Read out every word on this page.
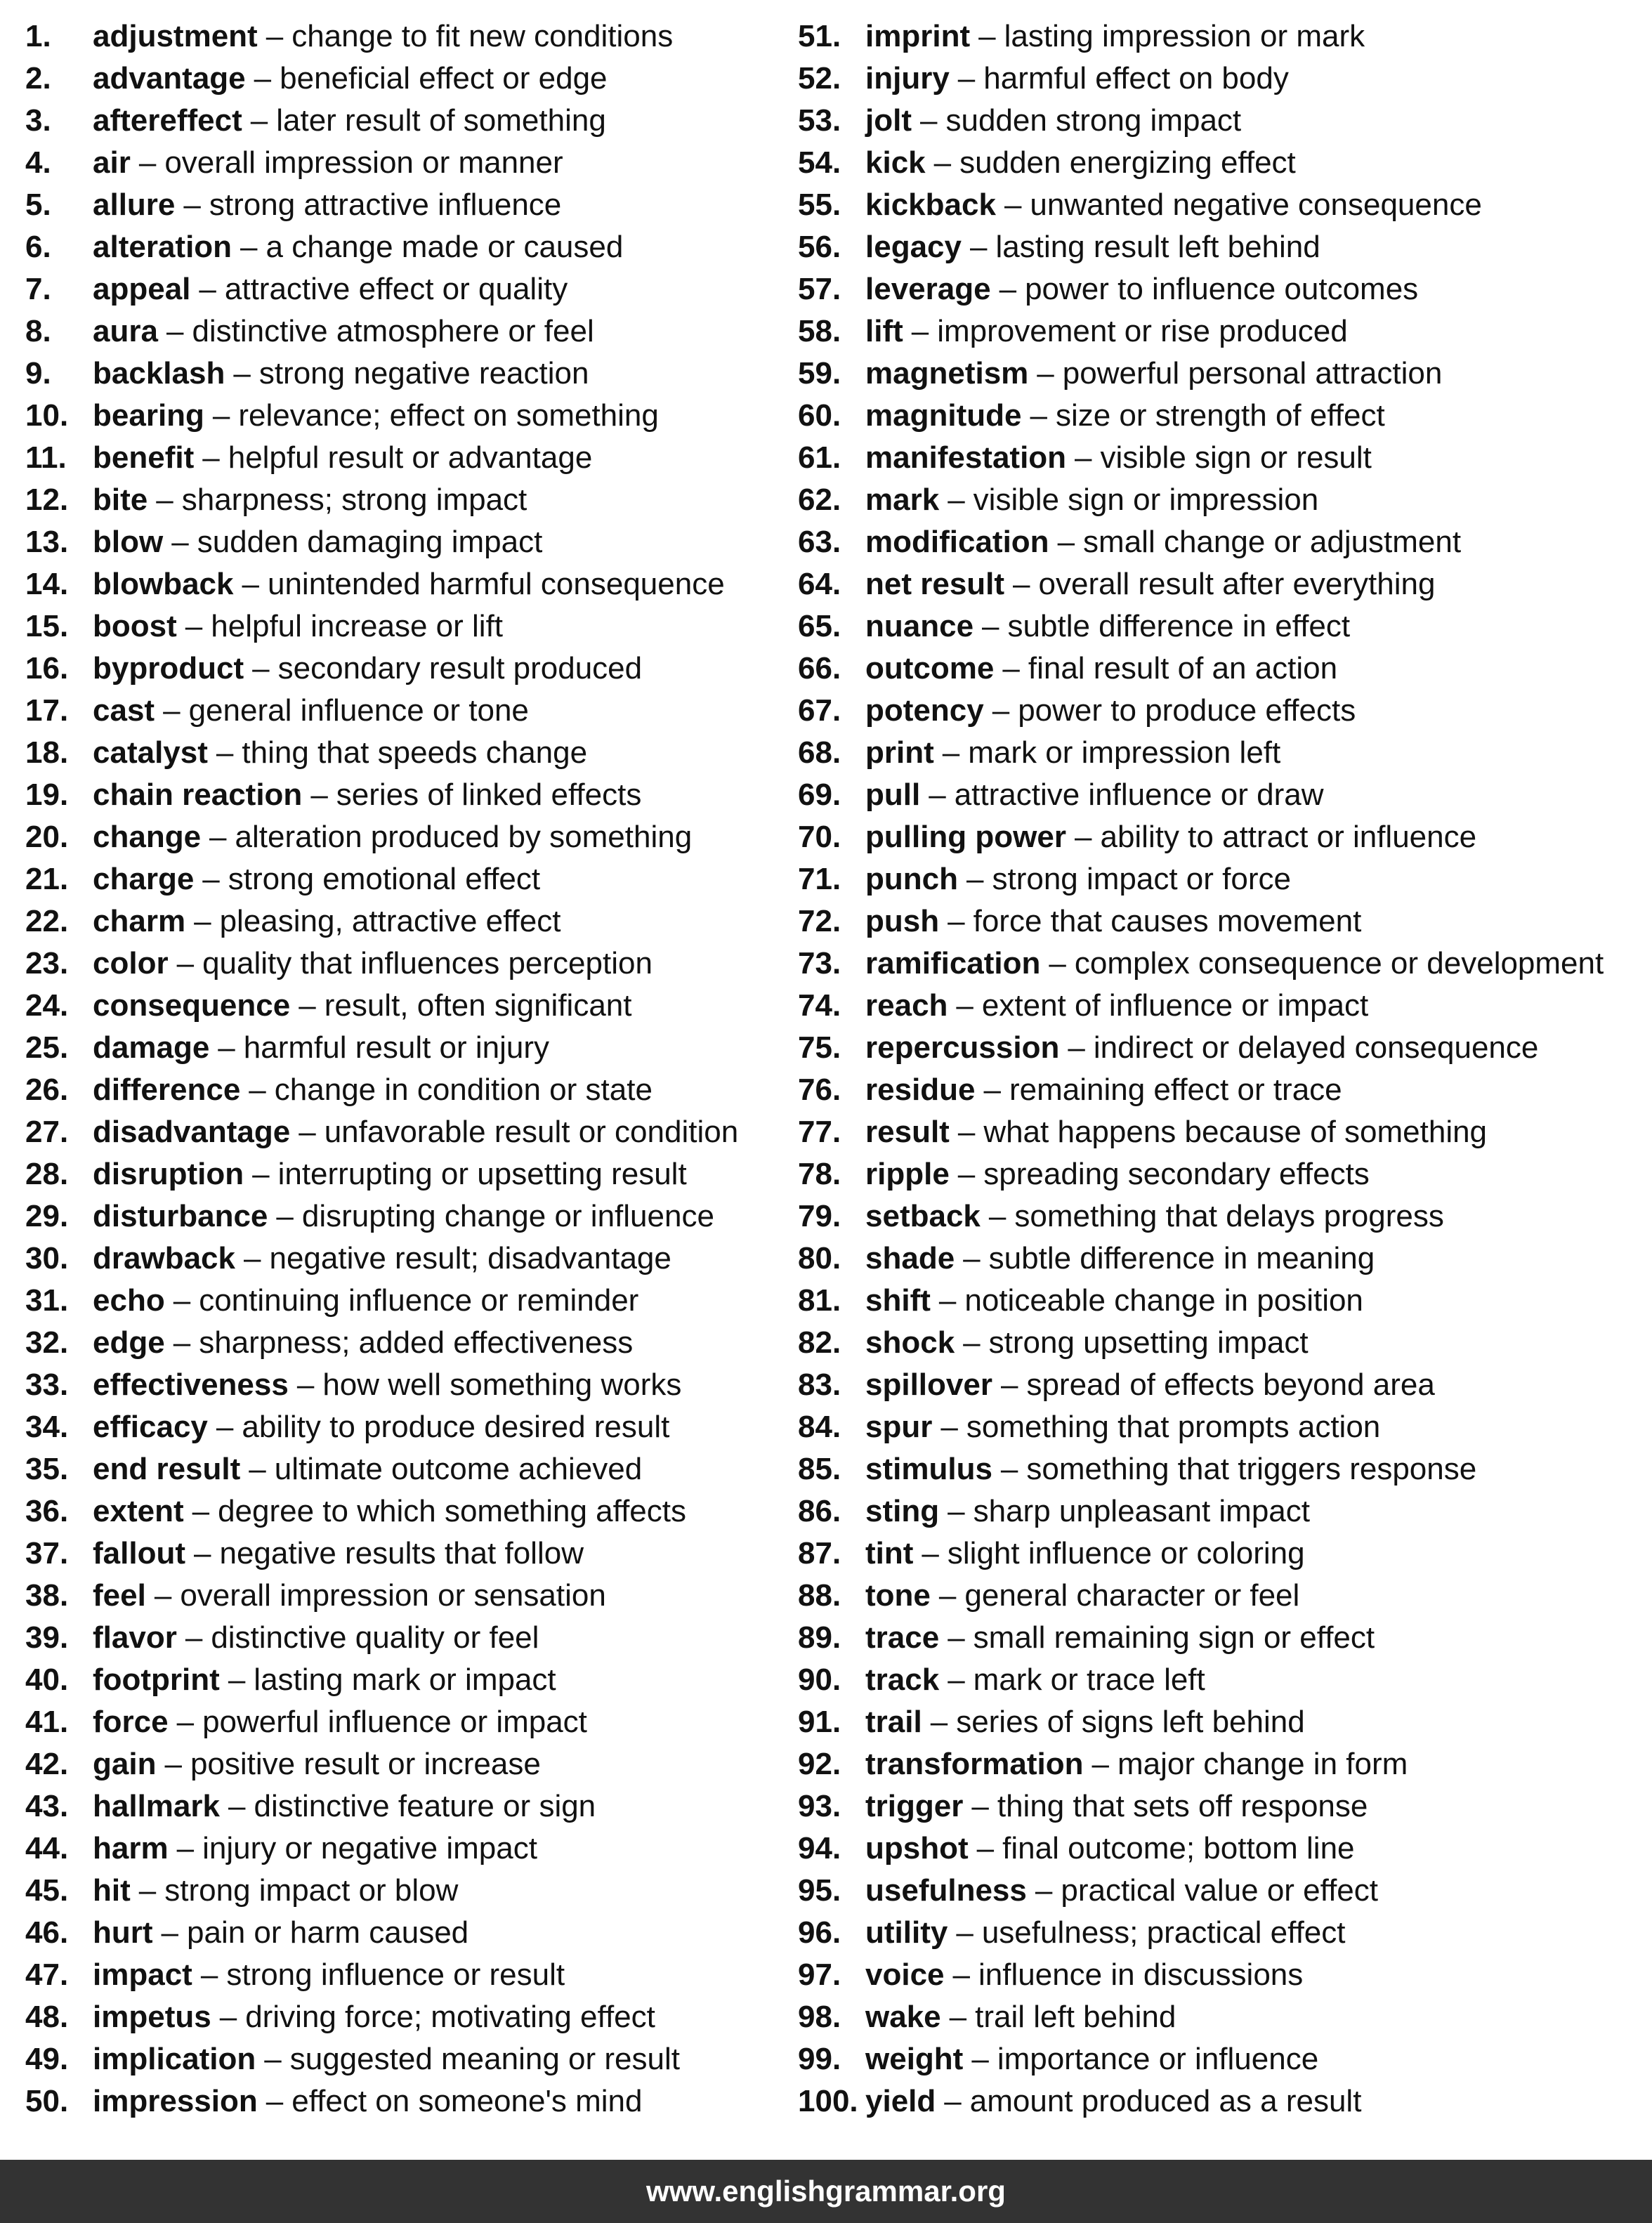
1.	adjustment – change to fit new conditions
2.	advantage – beneficial effect or edge
3.	aftereffect – later result of something
4.	air – overall impression or manner
5.	allure – strong attractive influence
6.	alteration – a change made or caused
7.	appeal – attractive effect or quality
8.	aura – distinctive atmosphere or feel
9.	backlash – strong negative reaction
10. bearing – relevance; effect on something
11. benefit – helpful result or advantage
12. bite – sharpness; strong impact
13. blow – sudden damaging impact
14. blowback – unintended harmful consequence
15. boost – helpful increase or lift
16. byproduct – secondary result produced
17. cast – general influence or tone
18. catalyst – thing that speeds change
19. chain reaction – series of linked effects
20. change – alteration produced by something
21. charge – strong emotional effect
22. charm – pleasing, attractive effect
23. color – quality that influences perception
24. consequence – result, often significant
25. damage – harmful result or injury
26. difference – change in condition or state
27. disadvantage – unfavorable result or condition
28. disruption – interrupting or upsetting result
29. disturbance – disrupting change or influence
30. drawback – negative result; disadvantage
31. echo – continuing influence or reminder
32. edge – sharpness; added effectiveness
33. effectiveness – how well something works
34. efficacy – ability to produce desired result
35. end result – ultimate outcome achieved
36. extent – degree to which something affects
37. fallout – negative results that follow
38. feel – overall impression or sensation
39. flavor – distinctive quality or feel
40. footprint – lasting mark or impact
41. force – powerful influence or impact
42. gain – positive result or increase
43. hallmark – distinctive feature or sign
44. harm – injury or negative impact
45. hit – strong impact or blow
46. hurt – pain or harm caused
47. impact – strong influence or result
48. impetus – driving force; motivating effect
49. implication – suggested meaning or result
50. impression – effect on someone's mind
51. imprint – lasting impression or mark
52. injury – harmful effect on body
53. jolt – sudden strong impact
54. kick – sudden energizing effect
55. kickback – unwanted negative consequence
56. legacy – lasting result left behind
57. leverage – power to influence outcomes
58. lift – improvement or rise produced
59. magnetism – powerful personal attraction
60. magnitude – size or strength of effect
61. manifestation – visible sign or result
62. mark – visible sign or impression
63. modification – small change or adjustment
64. net result – overall result after everything
65. nuance – subtle difference in effect
66. outcome – final result of an action
67. potency – power to produce effects
68. print – mark or impression left
69. pull – attractive influence or draw
70. pulling power – ability to attract or influence
71. punch – strong impact or force
72. push – force that causes movement
73. ramification – complex consequence or development
74. reach – extent of influence or impact
75. repercussion – indirect or delayed consequence
76. residue – remaining effect or trace
77. result – what happens because of something
78. ripple – spreading secondary effects
79. setback – something that delays progress
80. shade – subtle difference in meaning
81. shift – noticeable change in position
82. shock – strong upsetting impact
83. spillover – spread of effects beyond area
84. spur – something that prompts action
85. stimulus – something that triggers response
86. sting – sharp unpleasant impact
87. tint – slight influence or coloring
88. tone – general character or feel
89. trace – small remaining sign or effect
90. track – mark or trace left
91. trail – series of signs left behind
92. transformation – major change in form
93. trigger – thing that sets off response
94. upshot – final outcome; bottom line
95. usefulness – practical value or effect
96. utility – usefulness; practical effect
97. voice – influence in discussions
98. wake – trail left behind
99. weight – importance or influence
100. yield – amount produced as a result
www.englishgrammar.org
